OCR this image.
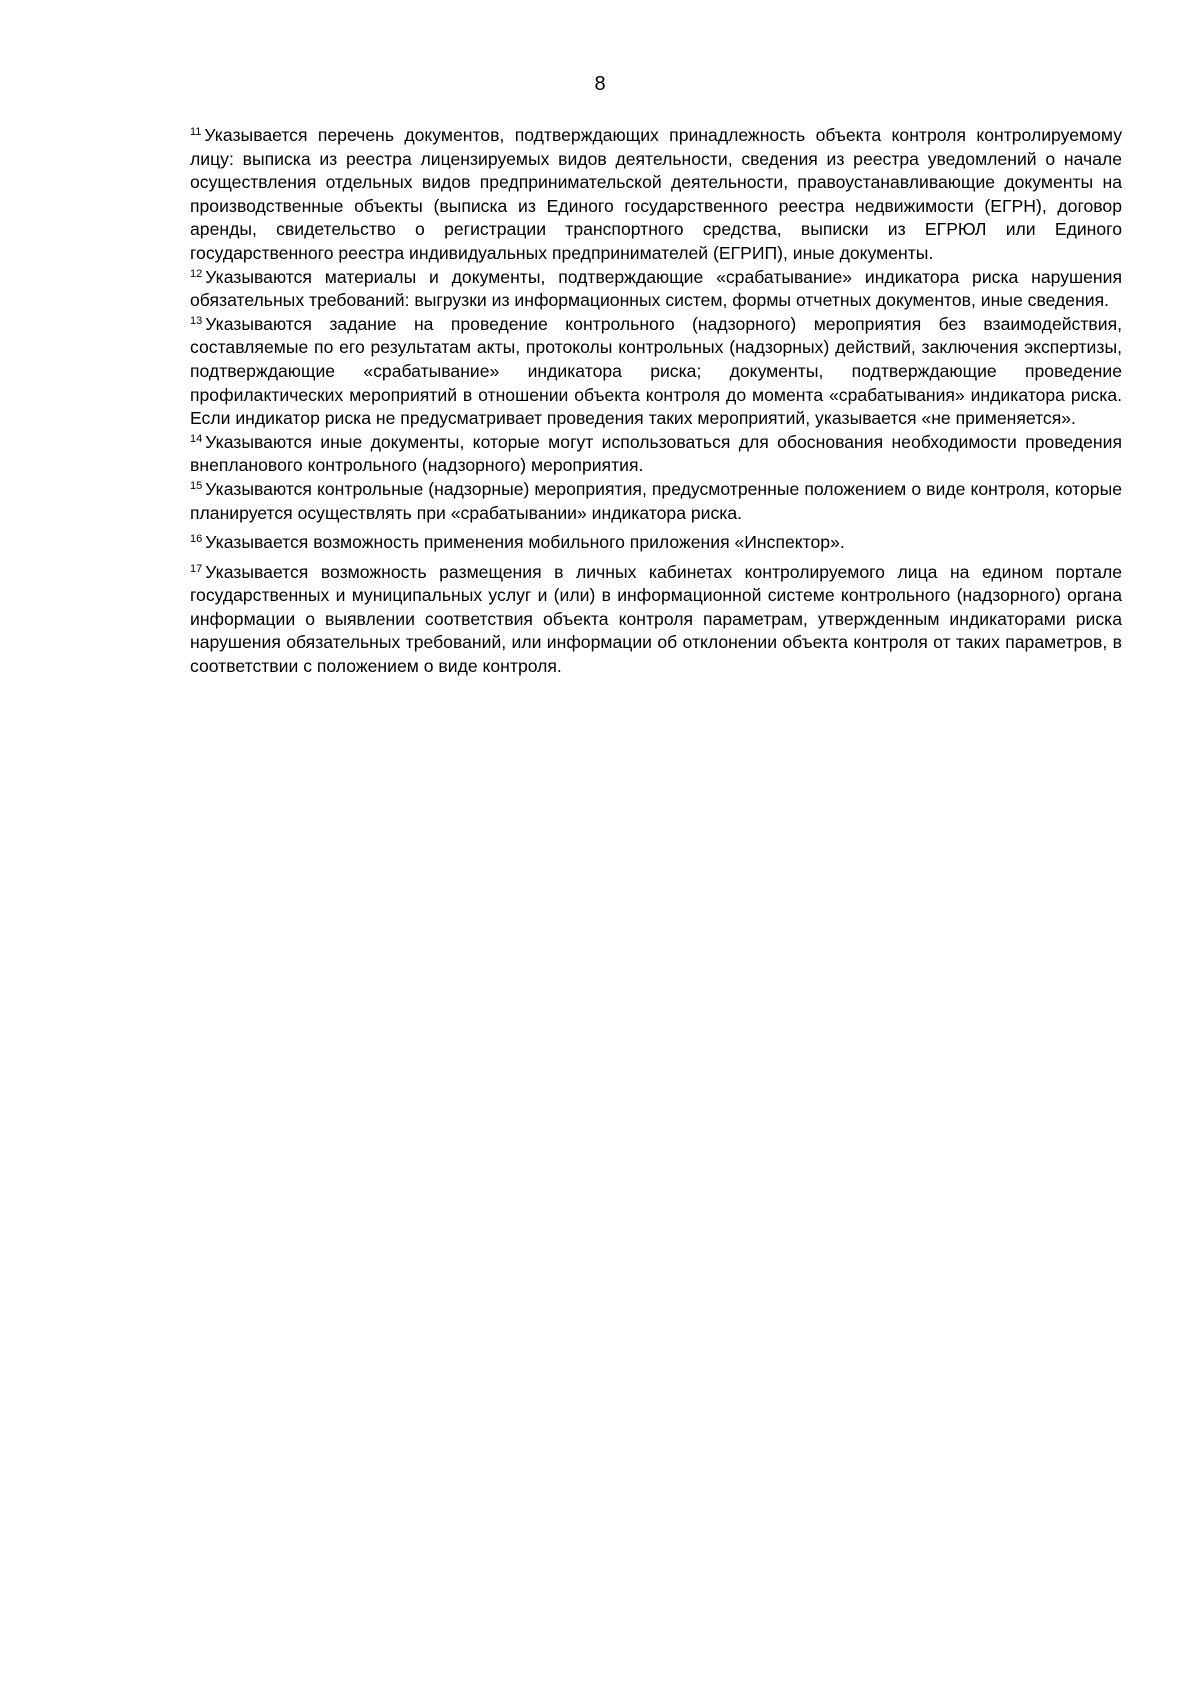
8

$^{11}$ Указывается перечень документов, подтверждающих принадлежность объекта контроля контролируемому лицу: выписка из реестра лицензируемых видов деятельности, сведения из реестра уведомлений о начале осуществления отдельных видов предпринимательской деятельности, правоустанавливающие документы на производственные объекты (выписка из Единого государственного реестра недвижимости (ЕГРН), договор аренды, свидетельство о регистрации транспортного средства, выписки из ЕГРЮЛ или Единого государственного реестра индивидуальных предпринимателей (ЕГРИП), иные документы.

$^{12}$ Указываются материалы и документы, подтверждающие «срабатывание» индикатора риска нарушения обязательных требований: выгрузки из информационных систем, формы отчетных документов, иные сведения.

$^{13}$ Указываются задание на проведение контрольного (надзорного) мероприятия без взаимодействия, составляемые по его результатам акты, протоколы контрольных (надзорных) действий, заключения экспертизы, подтверждающие «срабатывание» индикатора риска; документы, подтверждающие проведение профилактических мероприятий в отношении объекта контроля до момента «срабатывания» индикатора риска. Если индикатор риска не предусматривает проведения таких мероприятий, указывается «не применяется».

$^{14}$ Указываются иные документы, которые могут использоваться для обоснования необходимости проведения внепланового контрольного (надзорного) мероприятия.

$^{15}$ Указываются контрольные (надзорные) мероприятия, предусмотренные положением о виде контроля, которые планируется осуществлять при «срабатывании» индикатора риска.

$^{16}$ Указывается возможность применения мобильного приложения «Инспектор».

$^{17}$ Указывается возможность размещения в личных кабинетах контролируемого лица на едином портале государственных и муниципальных услуг и (или) в информационной системе контрольного (надзорного) органа информации о выявлении соответствия объекта контроля параметрам, утвержденным индикаторами риска нарушения обязательных требований, или информации об отклонении объекта контроля от таких параметров, в соответствии с положением о виде контроля.
